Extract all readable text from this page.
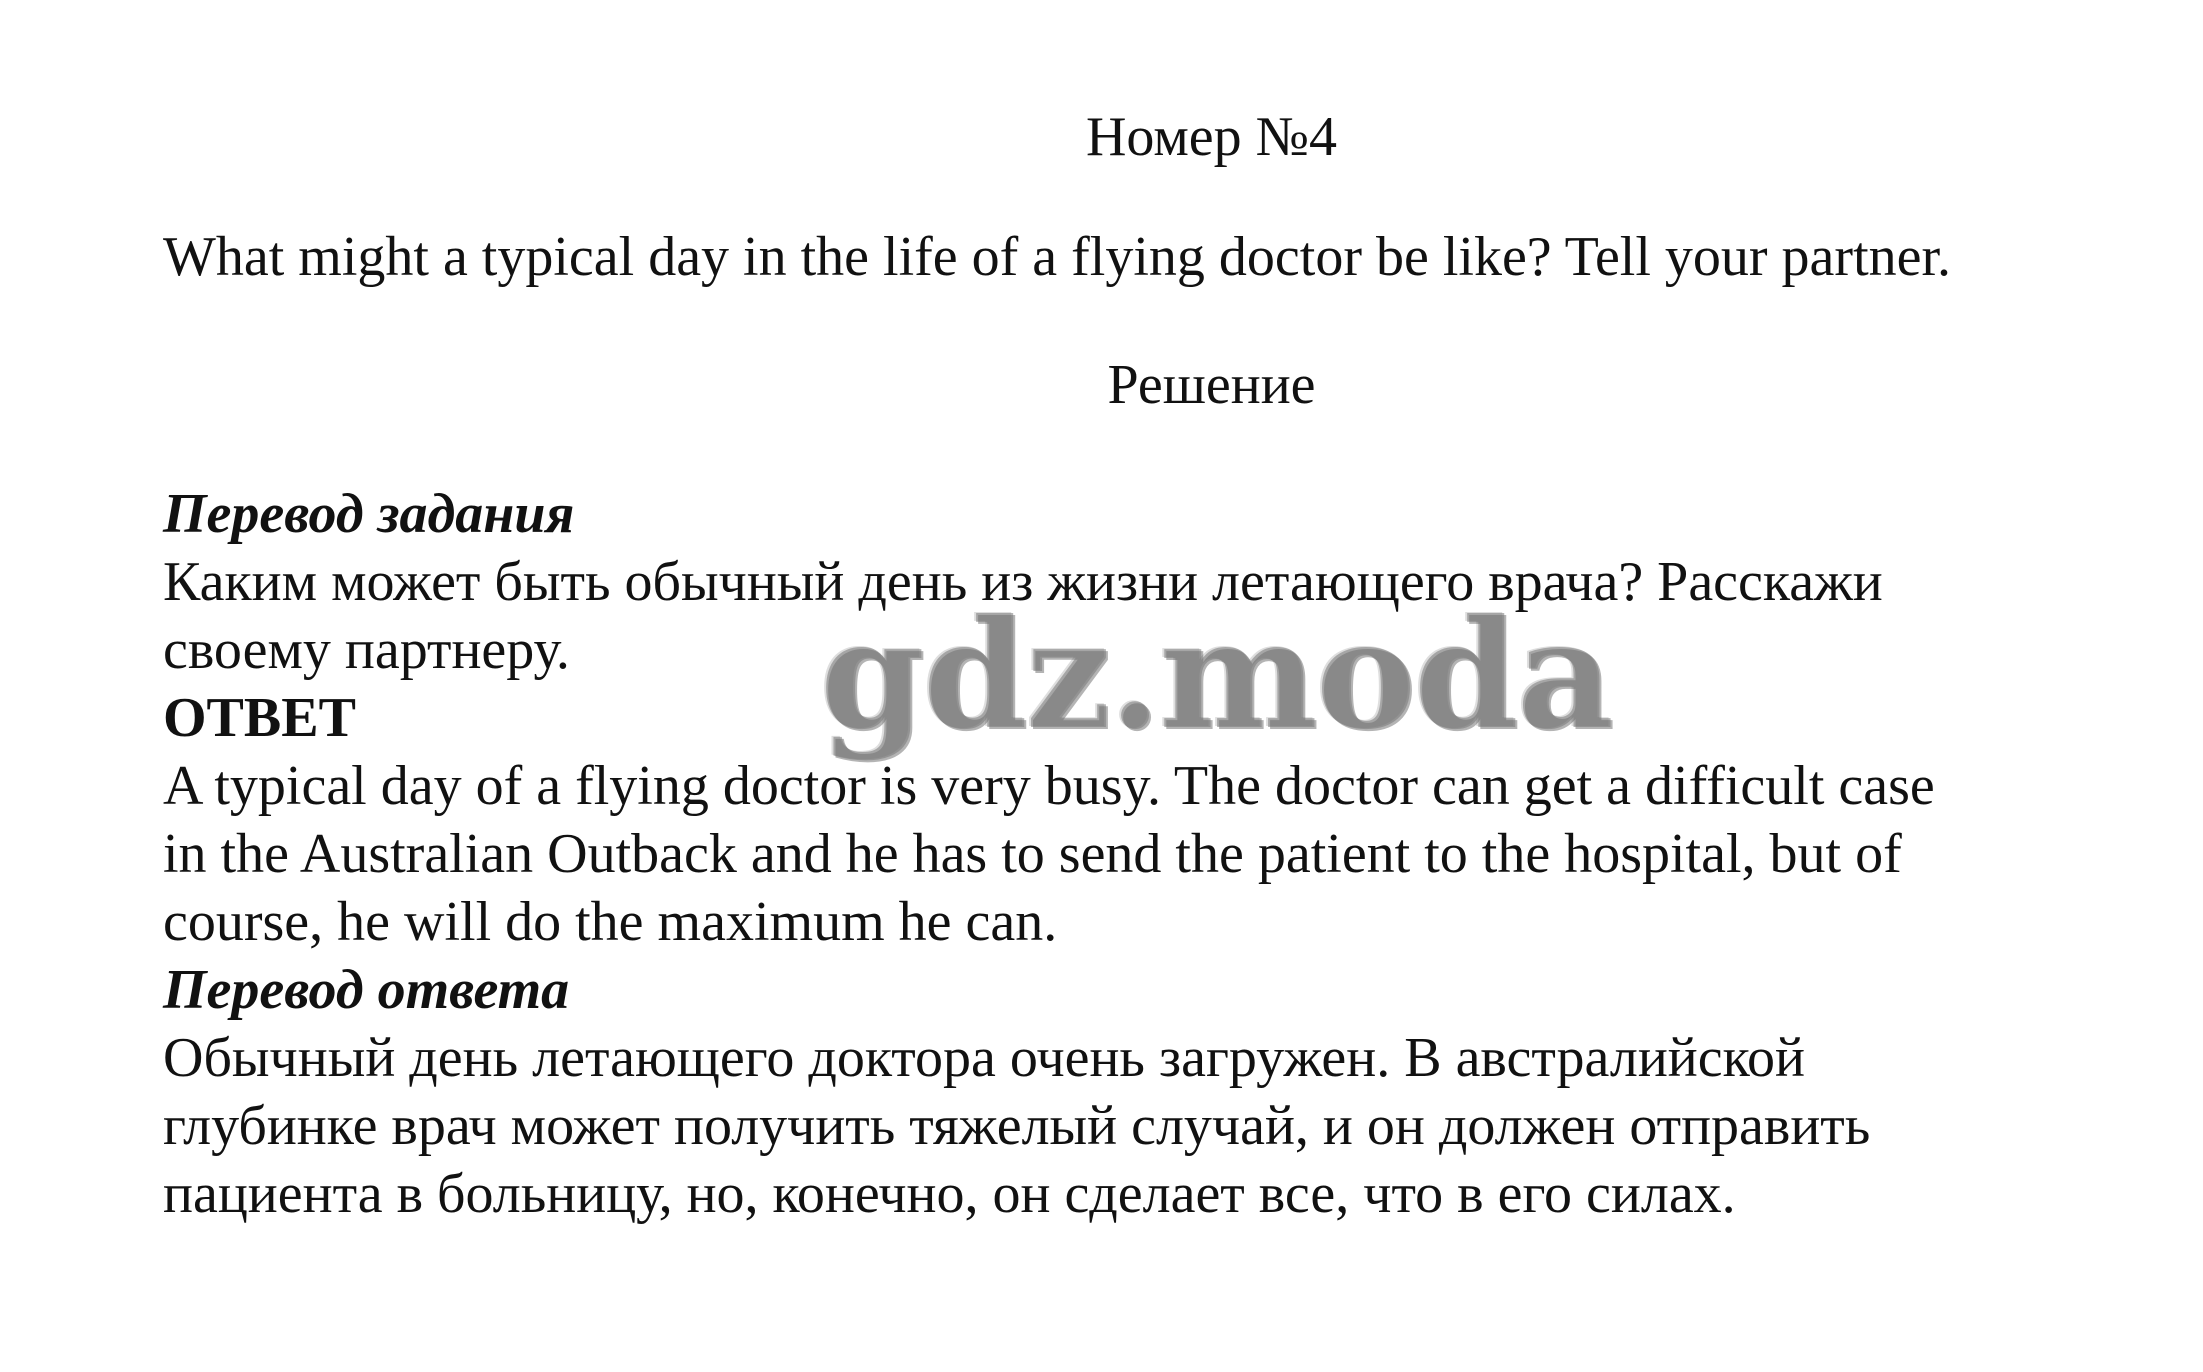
Номер №4
What might a typical day in the life of a flying doctor be like? Tell your partner.
Решение
Перевод задания
Каким может быть обычный день из жизни летающего врача? Расскажи
своему партнеру.
ОТВЕТ
A typical day of a flying doctor is very busy. The doctor can get a difficult case
in the Australian Outback and he has to send the patient to the hospital, but of
course, he will do the maximum he can.
Перевод ответа
Обычный день летающего доктора очень загружен. В австралийской
глубинке врач может получить тяжелый случай, и он должен отправить
пациента в больницу, но, конечно, он сделает все, что в его силах.
gdz.moda
